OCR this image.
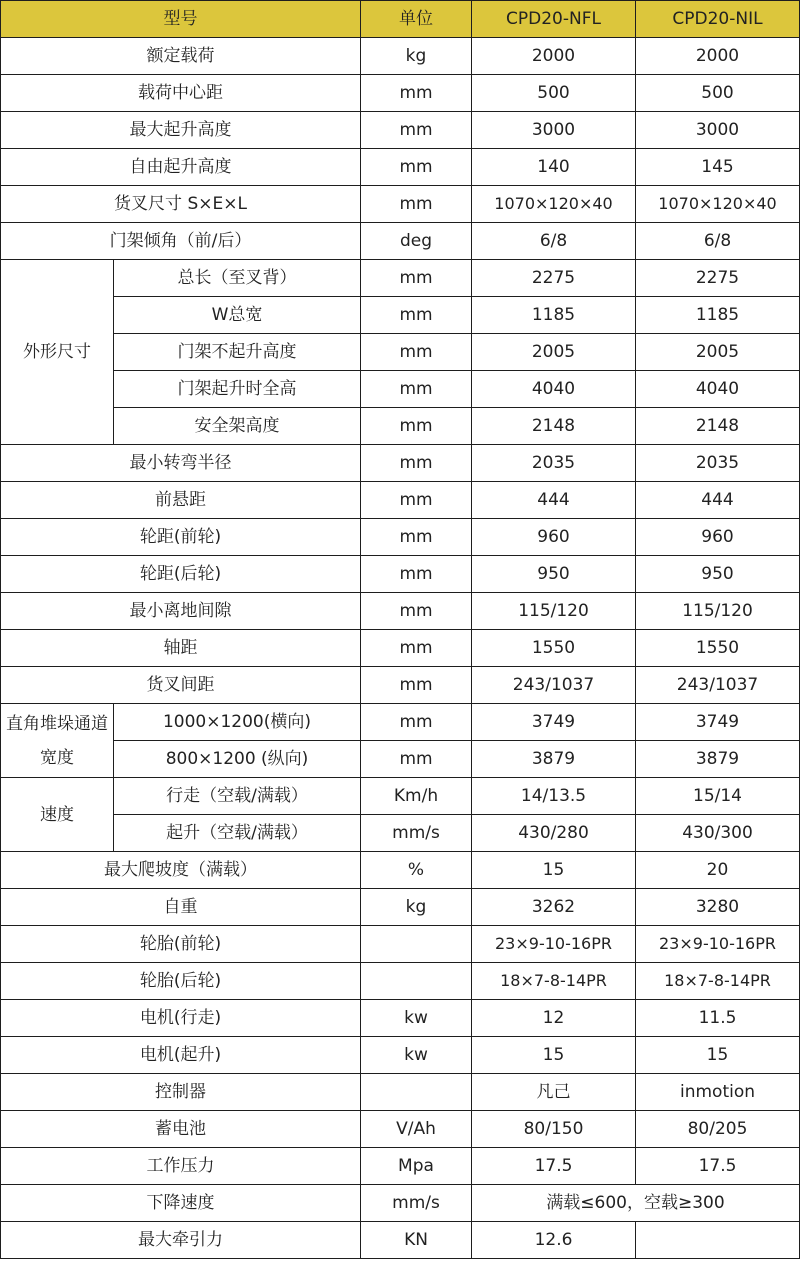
型号		单位	CPD20-NFL	CPD20-NIL
额定载荷		kg	2000	2000
载荷中心距		mm	500	500
最大起升高度		mm	3000	3000
自由起升高度		mm	140	145
货叉尺寸 S×E×L		mm	1070×120×40	1070×120×40
门架倾角（前/后）		deg	6/8	6/8
外形尺寸	总长（至叉背）	mm	2275	2275
	W总宽	mm	1185	1185
	门架不起升高度	mm	2005	2005
	门架起升时全高	mm	4040	4040
	安全架高度	mm	2148	2148
最小转弯半径		mm	2035	2035
前悬距		mm	444	444
轮距(前轮)		mm	960	960
轮距(后轮)		mm	950	950
最小离地间隙		mm	115/120	115/120
轴距		mm	1550	1550
货叉间距		mm	243/1037	243/1037
直角堆垛通道宽度	1000×1200(横向)	mm	3749	3749
	800×1200 (纵向)	mm	3879	3879
速度	行走（空载/满载）	Km/h	14/13.5	15/14
	起升（空载/满载）	mm/s	430/280	430/300
最大爬坡度（满载）		%	15	20
自重		kg	3262	3280
轮胎(前轮)			23×9-10-16PR	23×9-10-16PR
轮胎(后轮)			18×7-8-14PR	18×7-8-14PR
电机(行走)		kw	12	11.5
电机(起升)		kw	15	15
控制器			凡己	inmotion
蓄电池		V/Ah	80/150	80/205
工作压力		Mpa	17.5	17.5
下降速度		mm/s	满载≤600，空载≥300	
最大牵引力		KN	12.6	
